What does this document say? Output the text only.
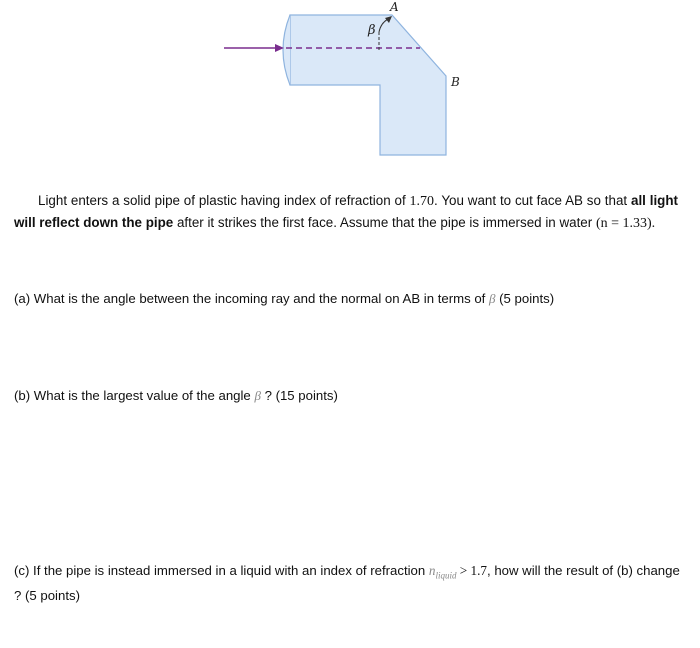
β
A
B

Light enters a solid pipe of plastic having index of refraction of 1.70. You want to cut face AB so that all light will reflect down the pipe after it strikes the first face. Assume that the pipe is immersed in water (n = 1.33).

(a) What is the angle between the incoming ray and the normal on AB in terms of β (5 points)

(b) What is the largest value of the angle β ? (15 points)

(c) If the pipe is instead immersed in a liquid with an index of refraction $n_{liquid} > 1.7$, how will the result of (b) change ? (5 points)
